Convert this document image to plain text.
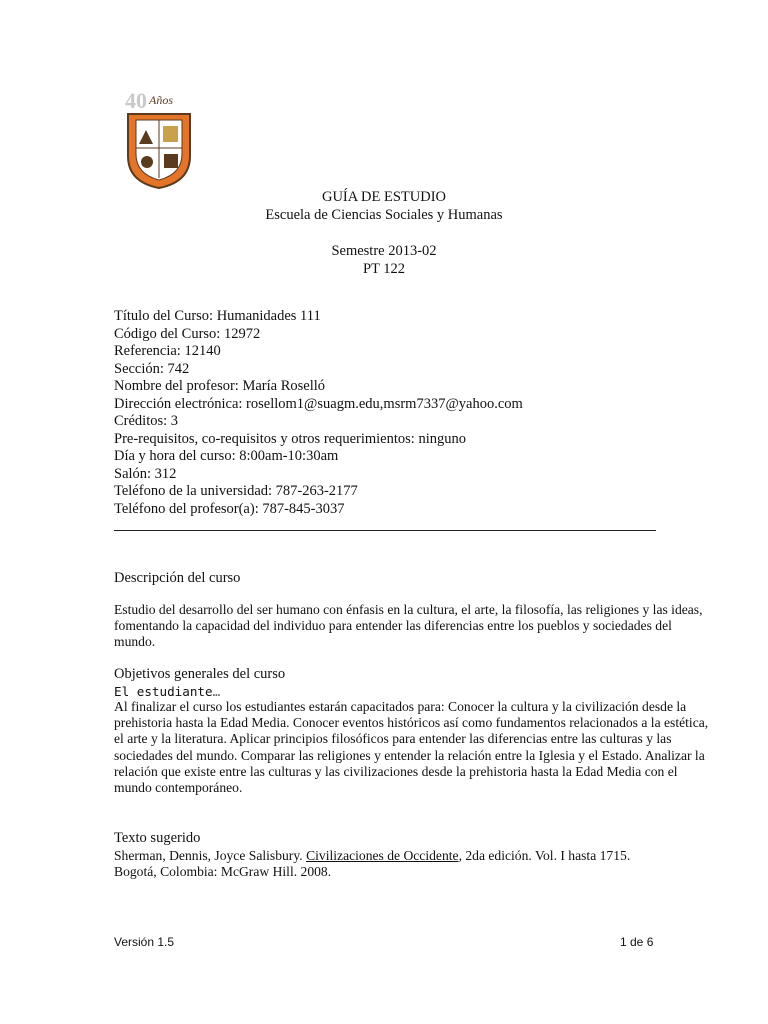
40 Años
GUÍA DE ESTUDIO
Escuela de Ciencias Sociales y Humanas
Semestre 2013-02
PT 122
Título del Curso: Humanidades 111
Código del Curso: 12972
Referencia: 12140
Sección: 742
Nombre del profesor: María Roselló
Dirección electrónica: rosellom1@suagm.edu,msrm7337@yahoo.com
Créditos: 3
Pre-requisitos, co-requisitos y otros requerimientos: ninguno
Día y hora del curso: 8:00am-10:30am
Salón: 312
Teléfono de la universidad: 787-263-2177
Teléfono del profesor(a): 787-845-3037
Descripción del curso
Estudio del desarrollo del ser humano con énfasis en la cultura, el arte, la filosofía, las religiones y las ideas, fomentando la capacidad del individuo para entender las diferencias entre los pueblos y sociedades del mundo.
Objetivos generales del curso
El estudiante…
Al finalizar el curso los estudiantes estarán capacitados para: Conocer la cultura y la civilización desde la prehistoria hasta la Edad Media. Conocer eventos históricos así como fundamentos relacionados a la estética, el arte y la literatura. Aplicar principios filosóficos para entender las diferencias entre las culturas y las sociedades del mundo. Comparar las religiones y entender la relación entre la Iglesia y el Estado. Analizar la relación que existe entre las culturas y las civilizaciones desde la prehistoria hasta la Edad Media con el mundo contemporáneo.
Texto sugerido
Sherman, Dennis, Joyce Salisbury. Civilizaciones de Occidente, 2da edición. Vol. I hasta 1715.
Bogotá, Colombia: McGraw Hill. 2008.
Versión 1.5	1 de 6
